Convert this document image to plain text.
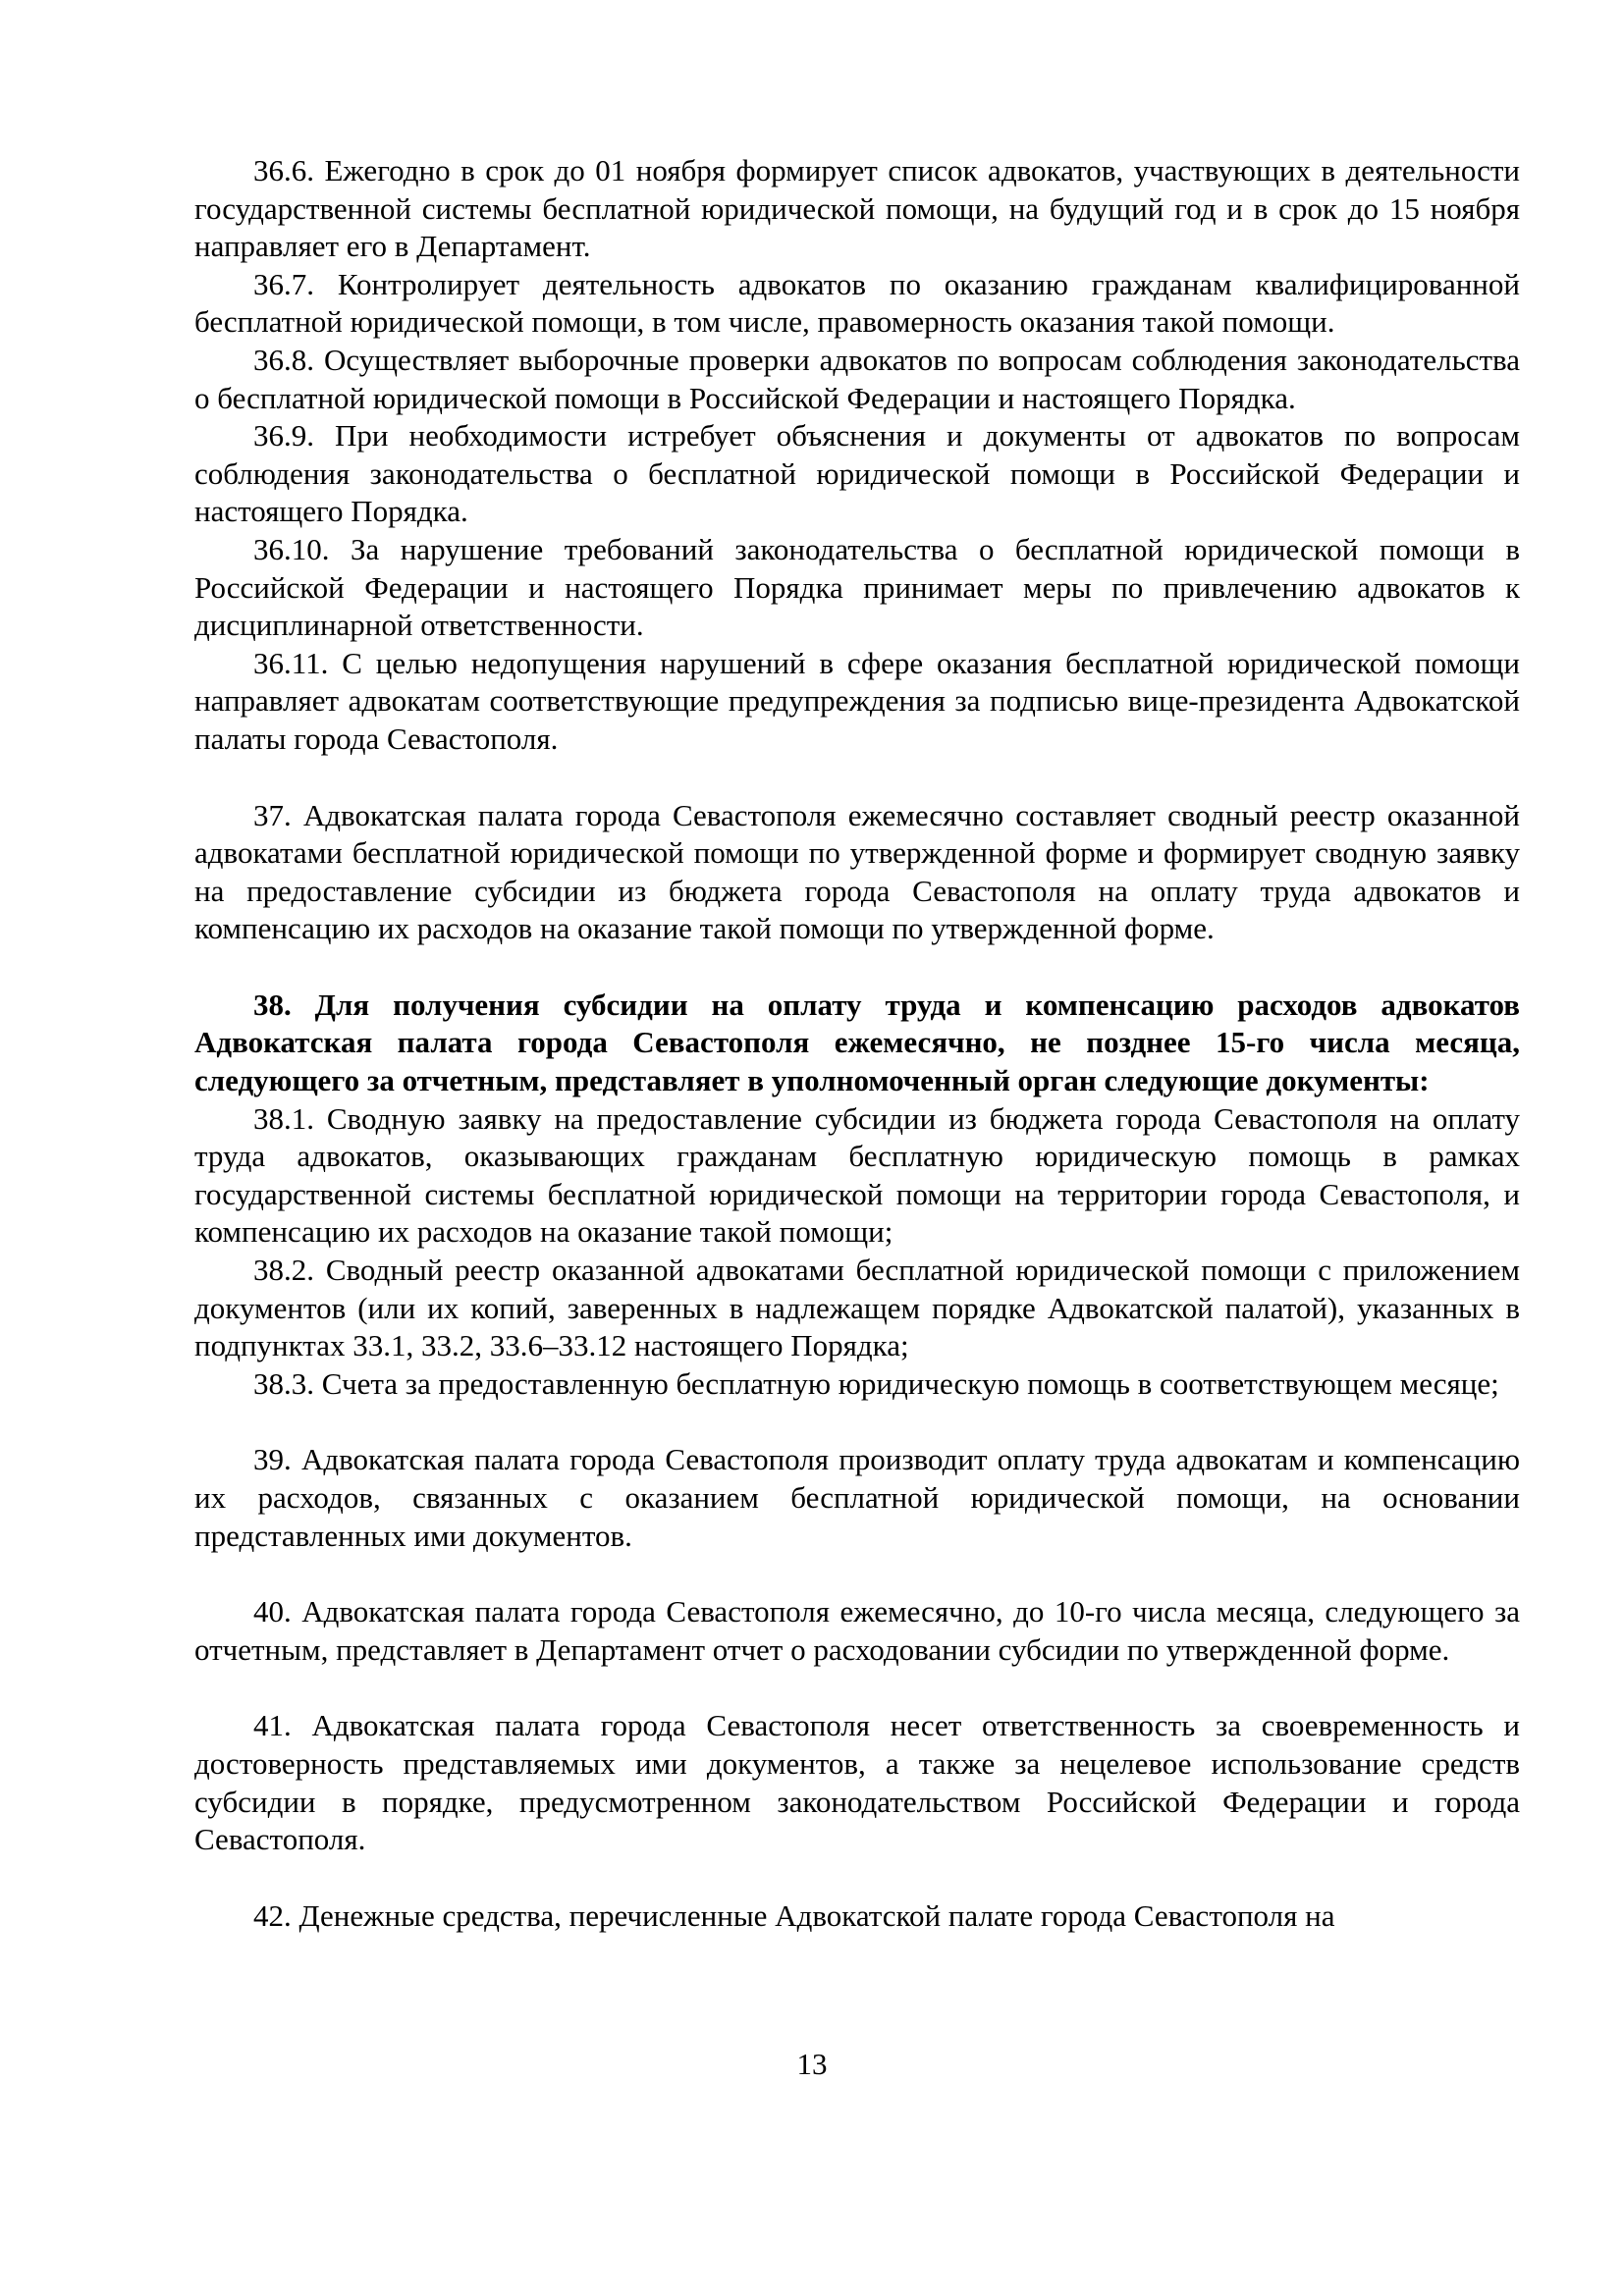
36.6. Ежегодно в срок до 01 ноября формирует список адвокатов, участвующих в деятельности государственной системы бесплатной юридической помощи, на будущий год и в срок до 15 ноября направляет его в Департамент.

36.7. Контролирует деятельность адвокатов по оказанию гражданам квалифицированной бесплатной юридической помощи, в том числе, правомерность оказания такой помощи.

36.8. Осуществляет выборочные проверки адвокатов по вопросам соблюдения законодательства о бесплатной юридической помощи в Российской Федерации и настоящего Порядка.

36.9. При необходимости истребует объяснения и документы от адвокатов по вопросам соблюдения законодательства о бесплатной юридической помощи в Российской Федерации и настоящего Порядка.

36.10. За нарушение требований законодательства о бесплатной юридической помощи в Российской Федерации и настоящего Порядка принимает меры по привлечению адвокатов к дисциплинарной ответственности.

36.11. С целью недопущения нарушений в сфере оказания бесплатной юридической помощи направляет адвокатам соответствующие предупреждения за подписью вице-президента Адвокатской палаты города Севастополя.

37. Адвокатская палата города Севастополя ежемесячно составляет сводный реестр оказанной адвокатами бесплатной юридической помощи по утвержденной форме и формирует сводную заявку на предоставление субсидии из бюджета города Севастополя на оплату труда адвокатов и компенсацию их расходов на оказание такой помощи по утвержденной форме.

38. Для получения субсидии на оплату труда и компенсацию расходов адвокатов Адвокатская палата города Севастополя ежемесячно, не позднее 15-го числа месяца, следующего за отчетным, представляет в уполномоченный орган следующие документы:

38.1. Сводную заявку на предоставление субсидии из бюджета города Севастополя на оплату труда адвокатов, оказывающих гражданам бесплатную юридическую помощь в рамках государственной системы бесплатной юридической помощи на территории города Севастополя, и компенсацию их расходов на оказание такой помощи;

38.2. Сводный реестр оказанной адвокатами бесплатной юридической помощи с приложением документов (или их копий, заверенных в надлежащем порядке Адвокатской палатой), указанных в подпунктах 33.1, 33.2, 33.6–33.12 настоящего Порядка;

38.3. Счета за предоставленную бесплатную юридическую помощь в соответствующем месяце;

39. Адвокатская палата города Севастополя производит оплату труда адвокатам и компенсацию их расходов, связанных с оказанием бесплатной юридической помощи, на основании представленных ими документов.

40. Адвокатская палата города Севастополя ежемесячно, до 10-го числа месяца, следующего за отчетным, представляет в Департамент отчет о расходовании субсидии по утвержденной форме.

41. Адвокатская палата города Севастополя несет ответственность за своевременность и достоверность представляемых ими документов, а также за нецелевое использование средств субсидии в порядке, предусмотренном законодательством Российской Федерации и города Севастополя.

42. Денежные средства, перечисленные Адвокатской палате города Севастополя на

13
